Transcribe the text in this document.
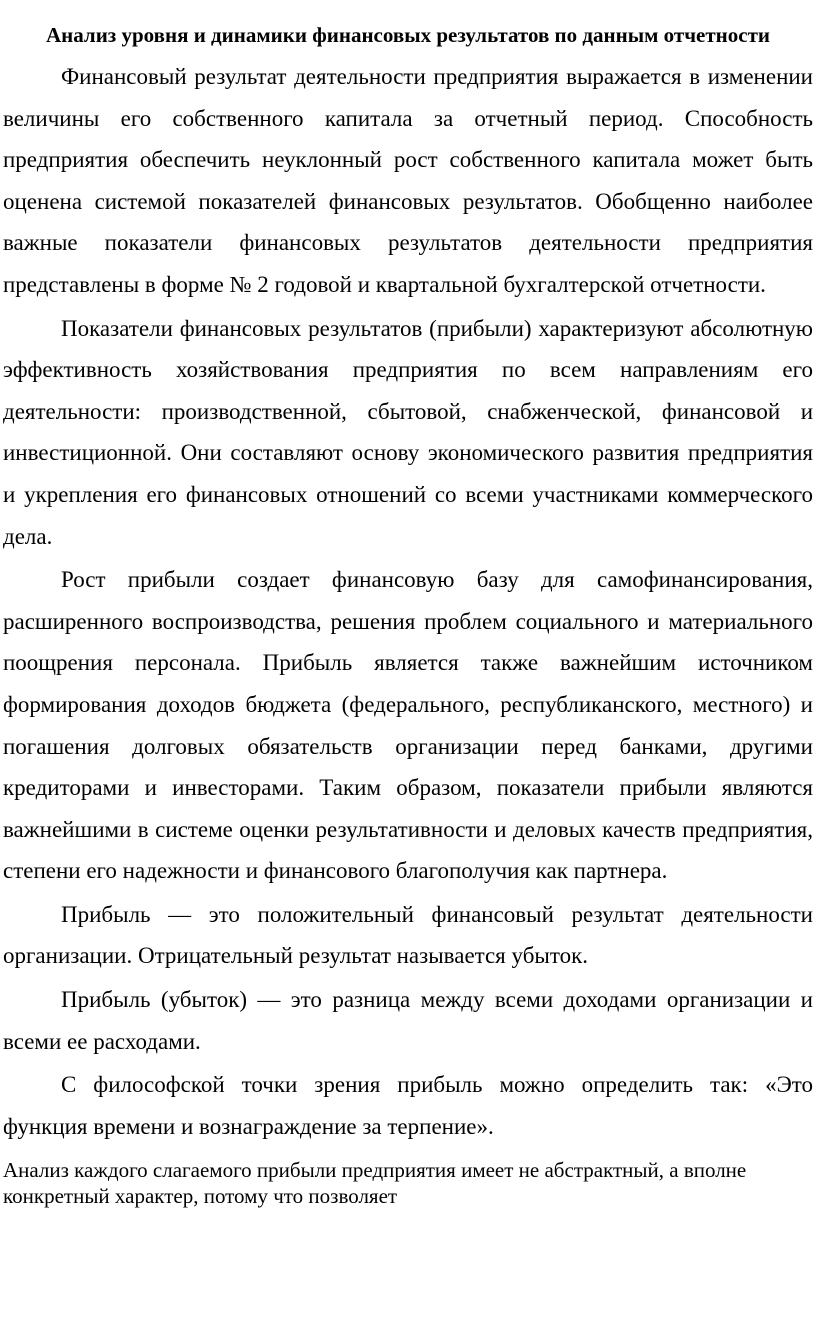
Анализ уровня и динамики финансовых результатов по данным отчетности

Финансовый результат деятельности предприятия выражается в изменении величины его собственного капитала за отчетный период. Способность предприятия обеспечить неуклонный рост собственного капитала может быть оценена системой показателей финансовых результатов. Обобщенно наиболее важные показатели финансовых результатов деятельности предприятия представлены в форме № 2 годовой и квартальной бухгалтерской отчетности.

Показатели финансовых результатов (прибыли) характеризуют абсолютную эффективность хозяйствования предприятия по всем направлениям его деятельности: производственной, сбытовой, снабженческой, финансовой и инвестиционной. Они составляют основу экономического развития предприятия и укрепления его финансовых отношений со всеми участниками коммерческого дела.

Рост прибыли создает финансовую базу для самофинансирования, расширенного воспроизводства, решения проблем социального и материального поощрения персонала. Прибыль является также важнейшим источником формирования доходов бюджета (федерального, республиканского, местного) и погашения долговых обязательств организации перед банками, другими кредиторами и инвесторами. Таким образом, показатели прибыли являются важнейшими в системе оценки результативности и деловых качеств предприятия, степени его надежности и финансового благополучия как партнера.

Прибыль — это положительный финансовый результат деятельности организации. Отрицательный результат называется убыток.

Прибыль (убыток) — это разница между всеми доходами организации и всеми ее расходами.

С философской точки зрения прибыль можно определить так: «Это функция времени и вознаграждение за терпение».

Анализ каждого слагаемого прибыли предприятия имеет не абстрактный, а вполне конкретный характер, потому что позволяет
